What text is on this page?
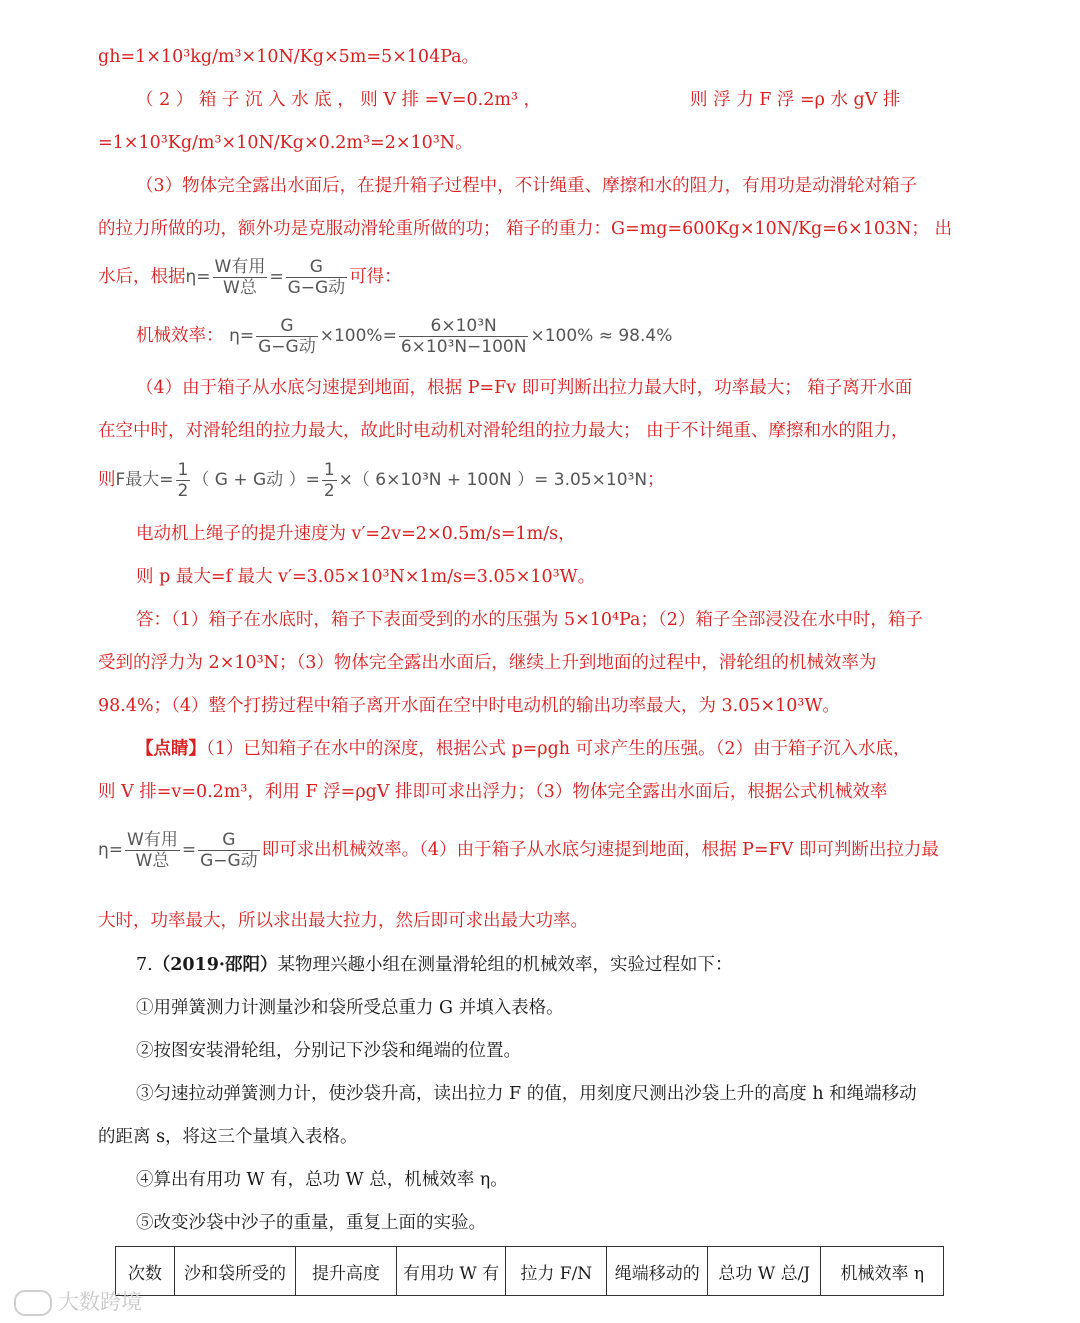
gh=1×10³kg/m³×10N/Kg×5m=5×104Pa。
（ 2 ） 箱 子 沉 入 水 底 ， 则 V 排 =V=0.2m³ ，	则 浮 力 F 浮 =ρ 水 gV 排
=1×10³Kg/m³×10N/Kg×0.2m³=2×10³N。
（3）物体完全露出水面后，在提升箱子过程中，不计绳重、摩擦和水的阻力，有用功是动滑轮对箱子
的拉力所做的功，额外功是克服动滑轮重所做的功； 箱子的重力：G=mg=600Kg×10N/Kg=6×103N； 出
水后，根据$\eta= \frac{\text{W有用}}{\text{W总}} = \frac{G}{\text{G−G动}}$ 可得：
机械效率： $\eta= \frac{G}{\text{G−G动}} \times 100\%= \frac{\text{6×10³N}}{\text{6×10³N−100N}} \times 100\% \approx 98.4\%$
（4）由于箱子从水底匀速提到地面，根据 P=Fv 即可判断出拉力最大时，功率最大； 箱子离开水面
在空中时，对滑轮组的拉力最大，故此时电动机对滑轮组的拉力最大； 由于不计绳重、摩擦和水的阻力，
则F最大= $\frac{1}{2}$ （ G + G动 ）= $\frac{1}{2}$ ×（ 6×10³N + 100N ）= 3.05×10³N；
电动机上绳子的提升速度为 v′=2v=2×0.5m/s=1m/s，
则 p 最大=f 最大 v′=3.05×10³N×1m/s=3.05×10³W。
答：（1）箱子在水底时，箱子下表面受到的水的压强为 5×10⁴Pa；（2）箱子全部浸没在水中时，箱子
受到的浮力为 2×10³N；（3）物体完全露出水面后，继续上升到地面的过程中，滑轮组的机械效率为
98.4%；（4）整个打捞过程中箱子离开水面在空中时电动机的输出功率最大，为 3.05×10³W。
【点睛】（1）已知箱子在水中的深度，根据公式 p=ρgh 可求产生的压强。（2）由于箱子沉入水底，
则 V 排=v=0.2m³，利用 F 浮=ρgV 排即可求出浮力；（3）物体完全露出水面后，根据公式机械效率
$\eta= \frac{\text{W有用}}{\text{W总}} = \frac{G}{\text{G−G动}}$ 即可求出机械效率。（4）由于箱子从水底匀速提到地面，根据 P=FV 即可判断出拉力最
大时，功率最大，所以求出最大拉力，然后即可求出最大功率。
7.（2019·邵阳）某物理兴趣小组在测量滑轮组的机械效率，实验过程如下：
①用弹簧测力计测量沙和袋所受总重力 G 并填入表格。
②按图安装滑轮组，分别记下沙袋和绳端的位置。
③匀速拉动弹簧测力计，使沙袋升高，读出拉力 F 的值，用刻度尺测出沙袋上升的高度 h 和绳端移动
的距离 s，将这三个量填入表格。
④算出有用功 W 有，总功 W 总，机械效率 η。
⑤改变沙袋中沙子的重量，重复上面的实验。
次数	沙和袋所受的	提升高度	有用功 W 有	拉力 F/N	绳端移动的	总功 W 总/J	机械效率 η
大数跨境
